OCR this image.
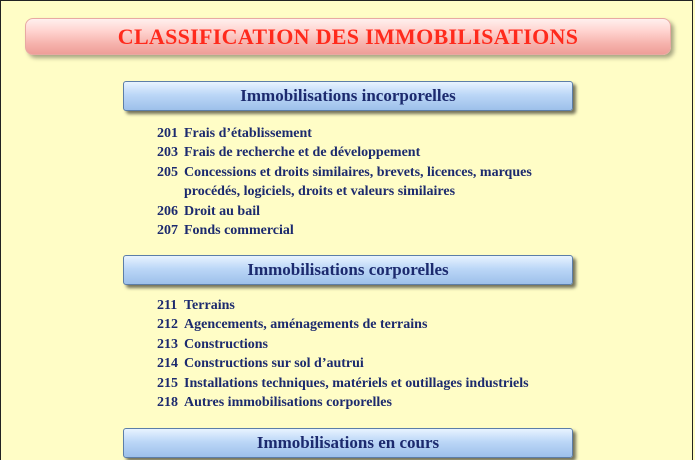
CLASSIFICATION DES IMMOBILISATIONS
Immobilisations incorporelles
201 Frais d’établissement
203 Frais de recherche et de développement
205 Concessions et droits similaires, brevets, licences, marques
procédés, logiciels, droits et valeurs similaires
206 Droit au bail
207 Fonds commercial
Immobilisations corporelles
211 Terrains
212 Agencements, aménagements de terrains
213 Constructions
214 Constructions sur sol d’autrui
215 Installations techniques, matériels et outillages industriels
218 Autres immobilisations corporelles
Immobilisations en cours
